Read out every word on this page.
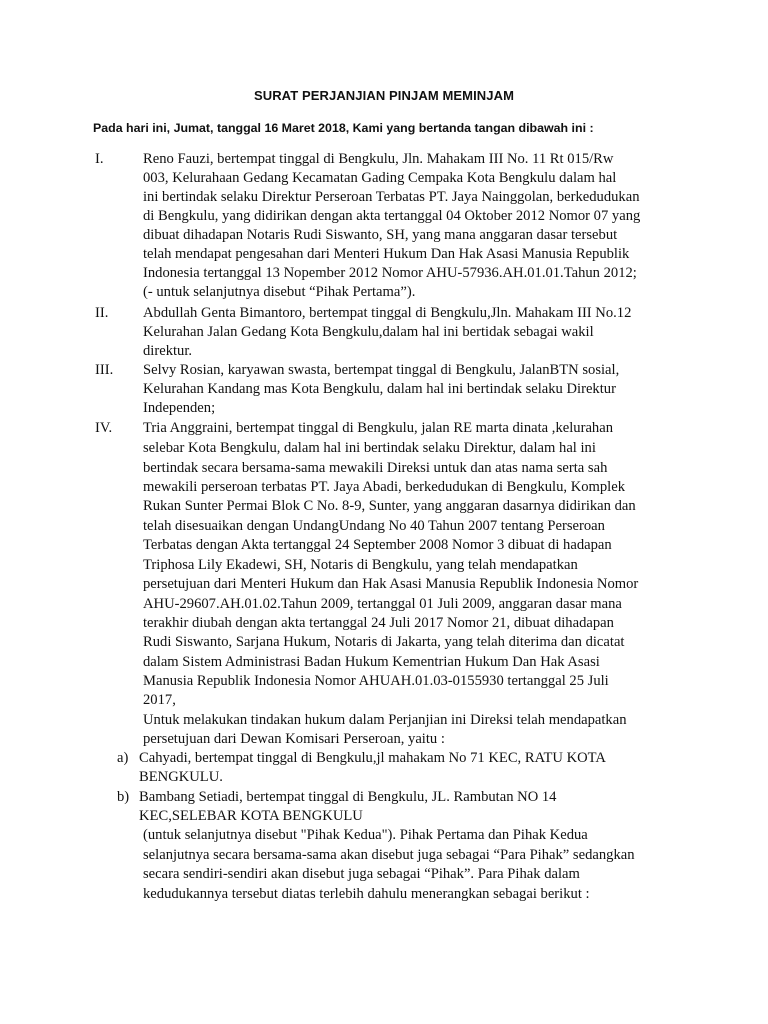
SURAT PERJANJIAN PINJAM MEMINJAM
Pada hari ini, Jumat, tanggal 16 Maret 2018, Kami yang bertanda tangan dibawah ini :
I.	Reno Fauzi, bertempat tinggal di Bengkulu, Jln. Mahakam III No. 11 Rt 015/Rw
003, Kelurahaan Gedang Kecamatan Gading Cempaka Kota Bengkulu dalam hal
ini bertindak selaku Direktur Perseroan Terbatas PT. Jaya Nainggolan, berkedudukan
di Bengkulu, yang didirikan dengan akta tertanggal 04 Oktober 2012 Nomor 07 yang
dibuat dihadapan Notaris Rudi Siswanto, SH, yang mana anggaran dasar tersebut
telah mendapat pengesahan dari Menteri Hukum Dan Hak Asasi Manusia Republik
Indonesia tertanggal 13 Nopember 2012 Nomor AHU-57936.AH.01.01.Tahun 2012;
(- untuk selanjutnya disebut “Pihak Pertama”).
II. Abdullah Genta Bimantoro, bertempat tinggal di Bengkulu,Jln. Mahakam III No.12
Kelurahan Jalan Gedang Kota Bengkulu,dalam hal ini bertidak sebagai wakil
direktur.
III. Selvy Rosian, karyawan swasta, bertempat tinggal di Bengkulu, JalanBTN sosial,
Kelurahan Kandang mas Kota Bengkulu, dalam hal ini bertindak selaku Direktur
Independen;
IV. Tria Anggraini, bertempat tinggal di Bengkulu, jalan RE marta dinata ,kelurahan
selebar Kota Bengkulu, dalam hal ini bertindak selaku Direktur, dalam hal ini
bertindak secara bersama-sama mewakili Direksi untuk dan atas nama serta sah
mewakili perseroan terbatas PT. Jaya Abadi, berkedudukan di Bengkulu, Komplek
Rukan Sunter Permai Blok C No. 8-9, Sunter, yang anggaran dasarnya didirikan dan
telah disesuaikan dengan UndangUndang No 40 Tahun 2007 tentang Perseroan
Terbatas dengan Akta tertanggal 24 September 2008 Nomor 3 dibuat di hadapan
Triphosa Lily Ekadewi, SH, Notaris di Bengkulu, yang telah mendapatkan
persetujuan dari Menteri Hukum dan Hak Asasi Manusia Republik Indonesia Nomor
AHU-29607.AH.01.02.Tahun 2009, tertanggal 01 Juli 2009, anggaran dasar mana
terakhir diubah dengan akta tertanggal 24 Juli 2017 Nomor 21, dibuat dihadapan
Rudi Siswanto, Sarjana Hukum, Notaris di Jakarta, yang telah diterima dan dicatat
dalam Sistem Administrasi Badan Hukum Kementrian Hukum Dan Hak Asasi
Manusia Republik Indonesia Nomor AHUAH.01.03-0155930 tertanggal 25 Juli
2017,
Untuk melakukan tindakan hukum dalam Perjanjian ini Direksi telah mendapatkan
persetujuan dari Dewan Komisari Perseroan, yaitu :
a) Cahyadi, bertempat tinggal di Bengkulu,jl mahakam No 71 KEC, RATU KOTA
BENGKULU.
b) Bambang Setiadi, bertempat tinggal di Bengkulu, JL. Rambutan NO 14
KEC,SELEBAR KOTA BENGKULU
(untuk selanjutnya disebut "Pihak Kedua"). Pihak Pertama dan Pihak Kedua
selanjutnya secara bersama-sama akan disebut juga sebagai “Para Pihak” sedangkan
secara sendiri-sendiri akan disebut juga sebagai “Pihak”. Para Pihak dalam
kedudukannya tersebut diatas terlebih dahulu menerangkan sebagai berikut :
